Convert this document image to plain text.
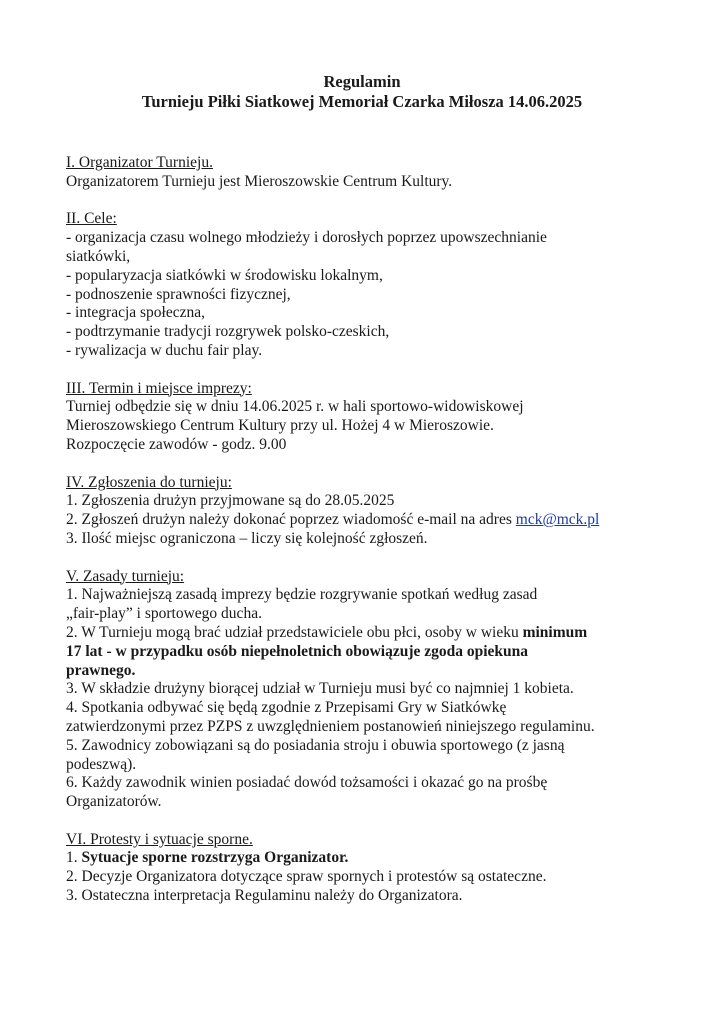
Regulamin

Turnieju Piłki Siatkowej Memoriał Czarka Miłosza 14.06.2025

I. Organizator Turnieju.

Organizatorem Turnieju jest Mieroszowskie Centrum Kultury.

II. Cele:

- organizacja czasu wolnego młodzieży i dorosłych poprzez upowszechnianie

siatkówki,

- popularyzacja siatkówki w środowisku lokalnym,

- podnoszenie sprawności fizycznej,

- integracja społeczna,

- podtrzymanie tradycji rozgrywek polsko-czeskich,

- rywalizacja w duchu fair play.

III. Termin i miejsce imprezy:

Turniej odbędzie się w dniu 14.06.2025 r. w hali sportowo-widowiskowej

Mieroszowskiego Centrum Kultury przy ul. Hożej 4 w Mieroszowie.

Rozpoczęcie zawodów - godz. 9.00

IV. Zgłoszenia do turnieju:

1. Zgłoszenia drużyn przyjmowane są do 28.05.2025

2. Zgłoszeń drużyn należy dokonać poprzez wiadomość e-mail na adres mck@mck.pl

3. Ilość miejsc ograniczona – liczy się kolejność zgłoszeń.

V. Zasady turnieju:

1. Najważniejszą zasadą imprezy będzie rozgrywanie spotkań według zasad

„fair-play” i sportowego ducha.

2. W Turnieju mogą brać udział przedstawiciele obu płci, osoby w wieku minimum

17 lat - w przypadku osób niepełnoletnich obowiązuje zgoda opiekuna

prawnego.

3. W składzie drużyny biorącej udział w Turnieju musi być co najmniej 1 kobieta.

4. Spotkania odbywać się będą zgodnie z Przepisami Gry w Siatkówkę

zatwierdzonymi przez PZPS z uwzględnieniem postanowień niniejszego regulaminu.

5. Zawodnicy zobowiązani są do posiadania stroju i obuwia sportowego (z jasną

podeszwą).

6. Każdy zawodnik winien posiadać dowód tożsamości i okazać go na prośbę

Organizatorów.

VI. Protesty i sytuacje sporne.

1. Sytuacje sporne rozstrzyga Organizator.

2. Decyzje Organizatora dotyczące spraw spornych i protestów są ostateczne.

3. Ostateczna interpretacja Regulaminu należy do Organizatora.
